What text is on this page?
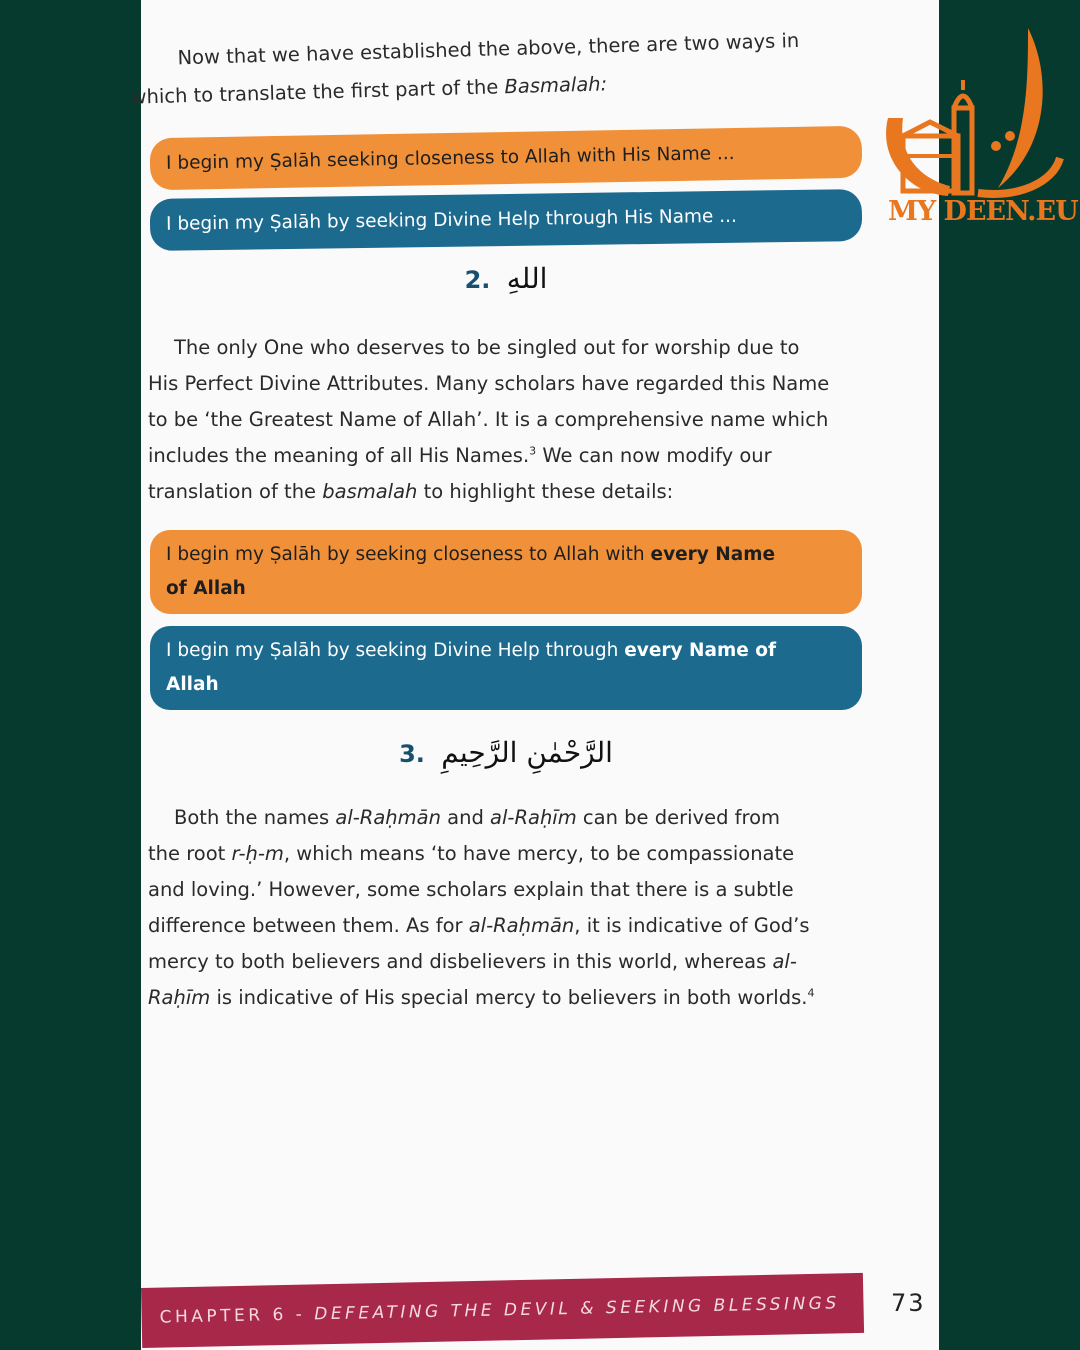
Now that we have established the above, there are two ways in
which to translate the first part of the Basmalah:

I begin my Ṣalāh seeking closeness to Allah with His Name ...
I begin my Ṣalāh by seeking Divine Help through His Name ...
2. اللهِ
The only One who deserves to be singled out for worship due to
His Perfect Divine Attributes. Many scholars have regarded this Name
to be ‘the Greatest Name of Allah’. It is a comprehensive name which
includes the meaning of all His Names.$^3$ We can now modify our
translation of the basmalah to highlight these details:
I begin my Ṣalāh by seeking closeness to Allah with every Name
of Allah
I begin my Ṣalāh by seeking Divine Help through every Name of
Allah
3. الرَّحْمٰنِ الرَّحِيمِ
Both the names al-Raḥmān and al-Raḥīm can be derived from
the root r-ḥ-m, which means ‘to have mercy, to be compassionate
and loving.’ However, some scholars explain that there is a subtle
difference between them. As for al-Raḥmān, it is indicative of God’s
mercy to both believers and disbelievers in this world, whereas al-
Raḥīm is indicative of His special mercy to believers in both worlds.$^4$
CHAPTER 6 - DEFEATING THE DEVIL & SEEKING BLESSINGS 73
MY DEEN.EU
